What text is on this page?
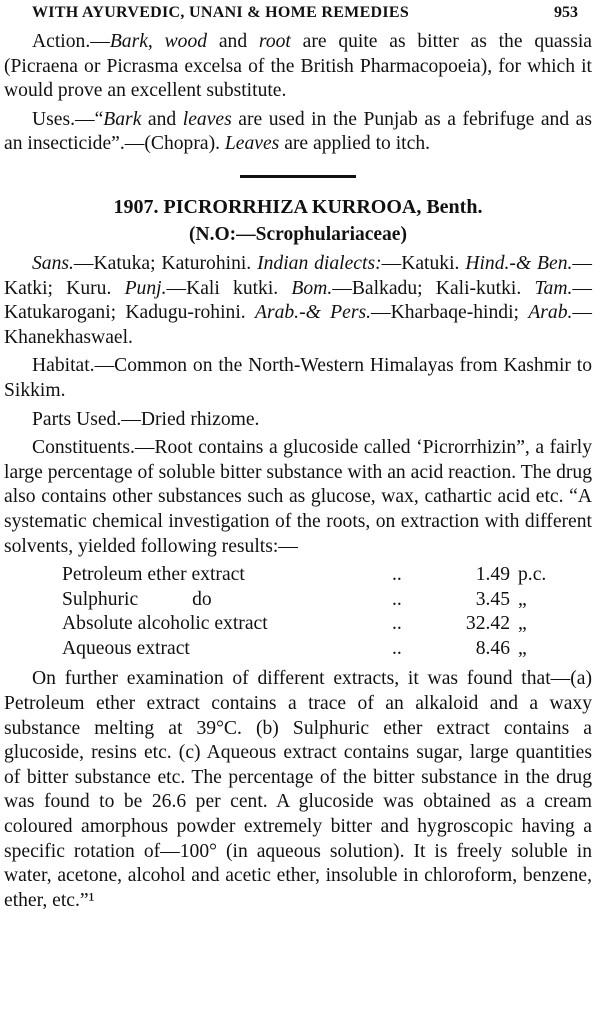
WITH AYURVEDIC, UNANI & HOME REMEDIES	953

Action.—Bark, wood and root are quite as bitter as the quassia (Picraena or Picrasma excelsa of the British Pharmacopoeia), for which it would prove an excellent substitute.

Uses.—“Bark and leaves are used in the Punjab as a febrifuge and as an insecticide”.—(Chopra). Leaves are applied to itch.

1907. PICRORRHIZA KURROOA, Benth.
(N.O:—Scrophulariaceae)

Sans.—Katuka; Katurohini. Indian dialects:—Katuki. Hind.-& Ben.—Katki; Kuru. Punj.—Kali kutki. Bom.—Balkadu; Kali-kutki. Tam.—Katukarogani; Kadugu-rohini. Arab.-& Pers.—Kharbaqe-hindi; Arab.—Khanekhaswael.

Habitat.—Common on the North-Western Himalayas from Kashmir to Sikkim.

Parts Used.—Dried rhizome.

Constituents.—Root contains a glucoside called ‘Picrorrhizin”, a fairly large percentage of soluble bitter substance with an acid reaction. The drug also contains other substances such as glucose, wax, cathartic acid etc. “A systematic chemical investigation of the roots, on extraction with different solvents, yielded following results:—

Petroleum ether extract	..	1.49 p.c.
Sulphuric           do	..	3.45 „
Absolute alcoholic extract	..	32.42 „
Aqueous extract	..	8.46 „

On further examination of different extracts, it was found that—(a) Petroleum ether extract contains a trace of an alkaloid and a waxy substance melting at 39°C. (b) Sulphuric ether extract contains a glucoside, resins etc. (c) Aqueous extract contains sugar, large quantities of bitter substance etc. The percentage of the bitter substance in the drug was found to be 26.6 per cent. A glucoside was obtained as a cream coloured amorphous powder extremely bitter and hygroscopic having a specific rotation of—100° (in aqueous solution). It is freely soluble in water, acetone, alcohol and acetic ether, insoluble in chloroform, benzene, ether, etc.”¹
